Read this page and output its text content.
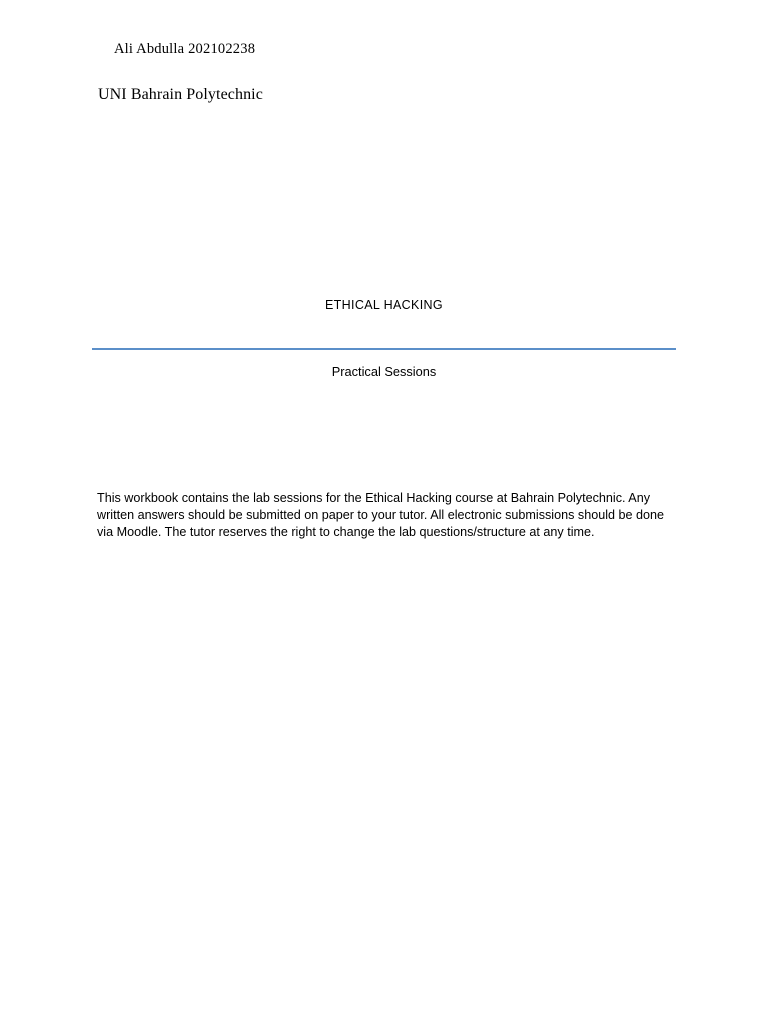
Ali Abdulla 202102238
UNI Bahrain Polytechnic
ETHICAL HACKING
Practical Sessions
This workbook contains the lab sessions for the Ethical Hacking course at Bahrain Polytechnic. Any written answers should be submitted on paper to your tutor. All electronic submissions should be done via Moodle. The tutor reserves the right to change the lab questions/structure at any time.
